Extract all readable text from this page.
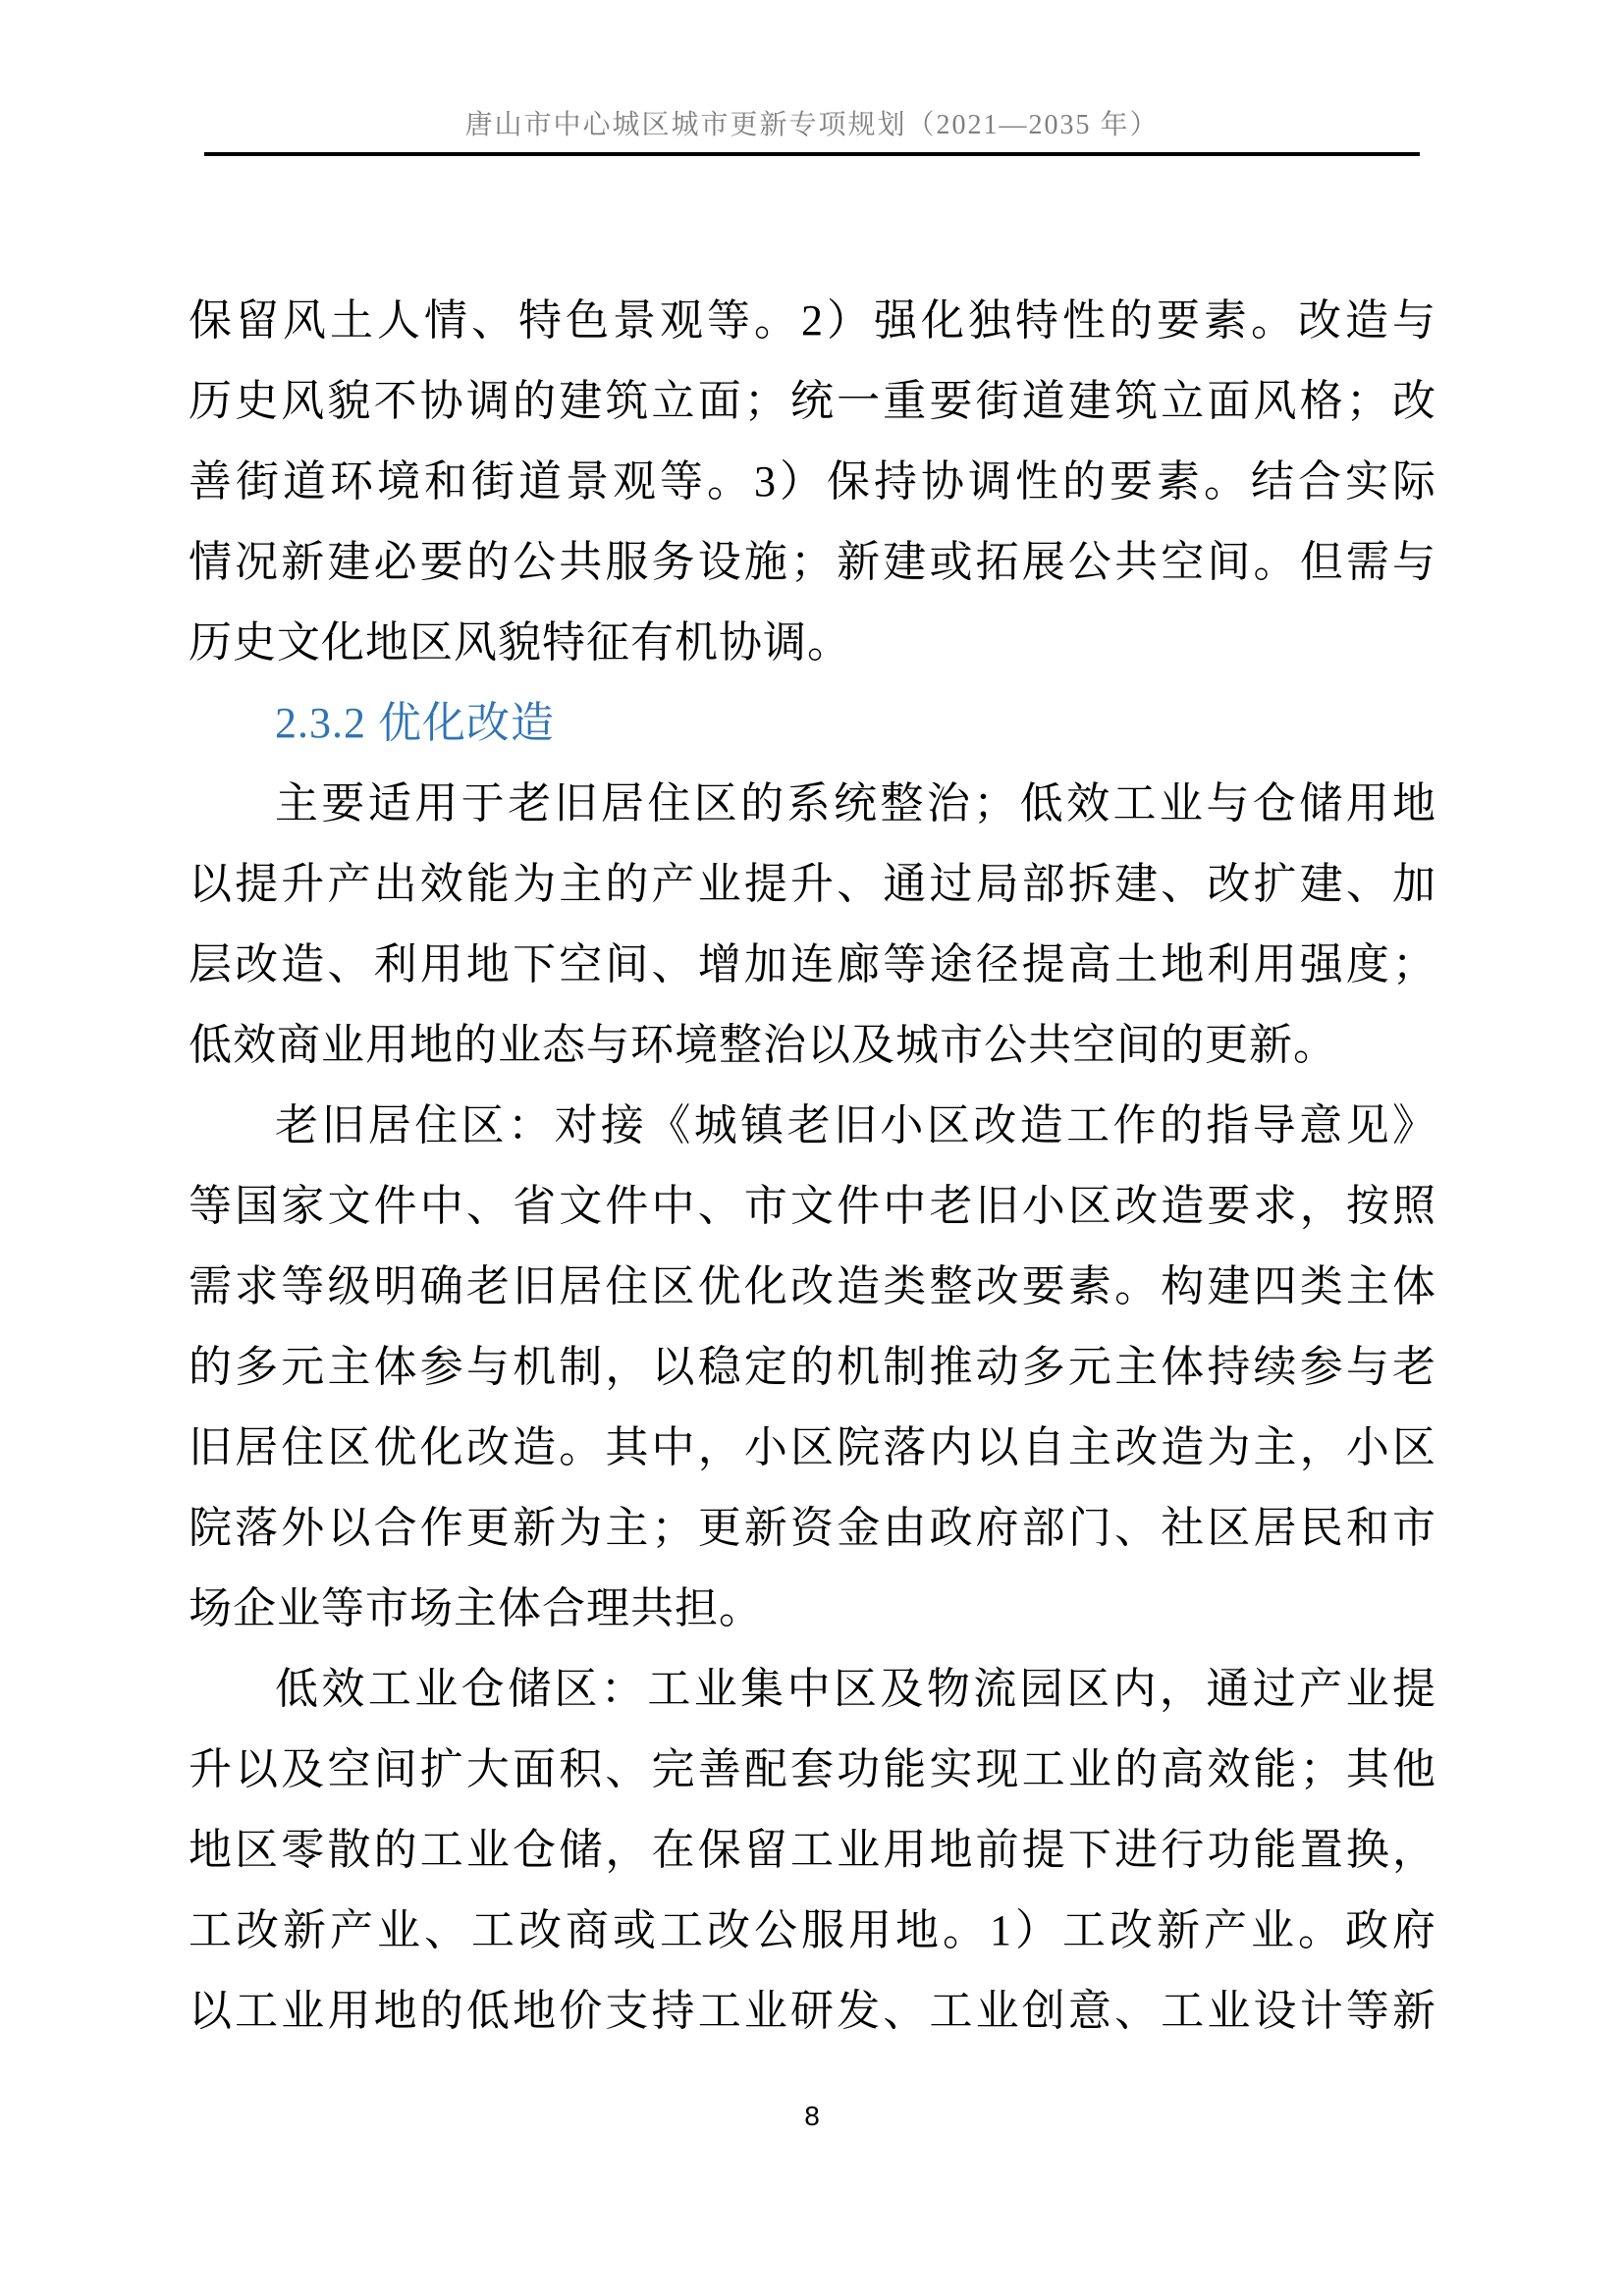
唐山市中心城区城市更新专项规划（2021—2035 年）
保留风土人情、特色景观等。2）强化独特性的要素。改造与
历史风貌不协调的建筑立面；统一重要街道建筑立面风格；改
善街道环境和街道景观等。3）保持协调性的要素。结合实际
情况新建必要的公共服务设施；新建或拓展公共空间。但需与
历史文化地区风貌特征有机协调。
2.3.2 优化改造
主要适用于老旧居住区的系统整治；低效工业与仓储用地
以提升产出效能为主的产业提升、通过局部拆建、改扩建、加
层改造、利用地下空间、增加连廊等途径提高土地利用强度；
低效商业用地的业态与环境整治以及城市公共空间的更新。
老旧居住区：对接《城镇老旧小区改造工作的指导意见》
等国家文件中、省文件中、市文件中老旧小区改造要求，按照
需求等级明确老旧居住区优化改造类整改要素。构建四类主体
的多元主体参与机制，以稳定的机制推动多元主体持续参与老
旧居住区优化改造。其中，小区院落内以自主改造为主，小区
院落外以合作更新为主；更新资金由政府部门、社区居民和市
场企业等市场主体合理共担。
低效工业仓储区：工业集中区及物流园区内，通过产业提
升以及空间扩大面积、完善配套功能实现工业的高效能；其他
地区零散的工业仓储，在保留工业用地前提下进行功能置换，
工改新产业、工改商或工改公服用地。1）工改新产业。政府
以工业用地的低地价支持工业研发、工业创意、工业设计等新
8
